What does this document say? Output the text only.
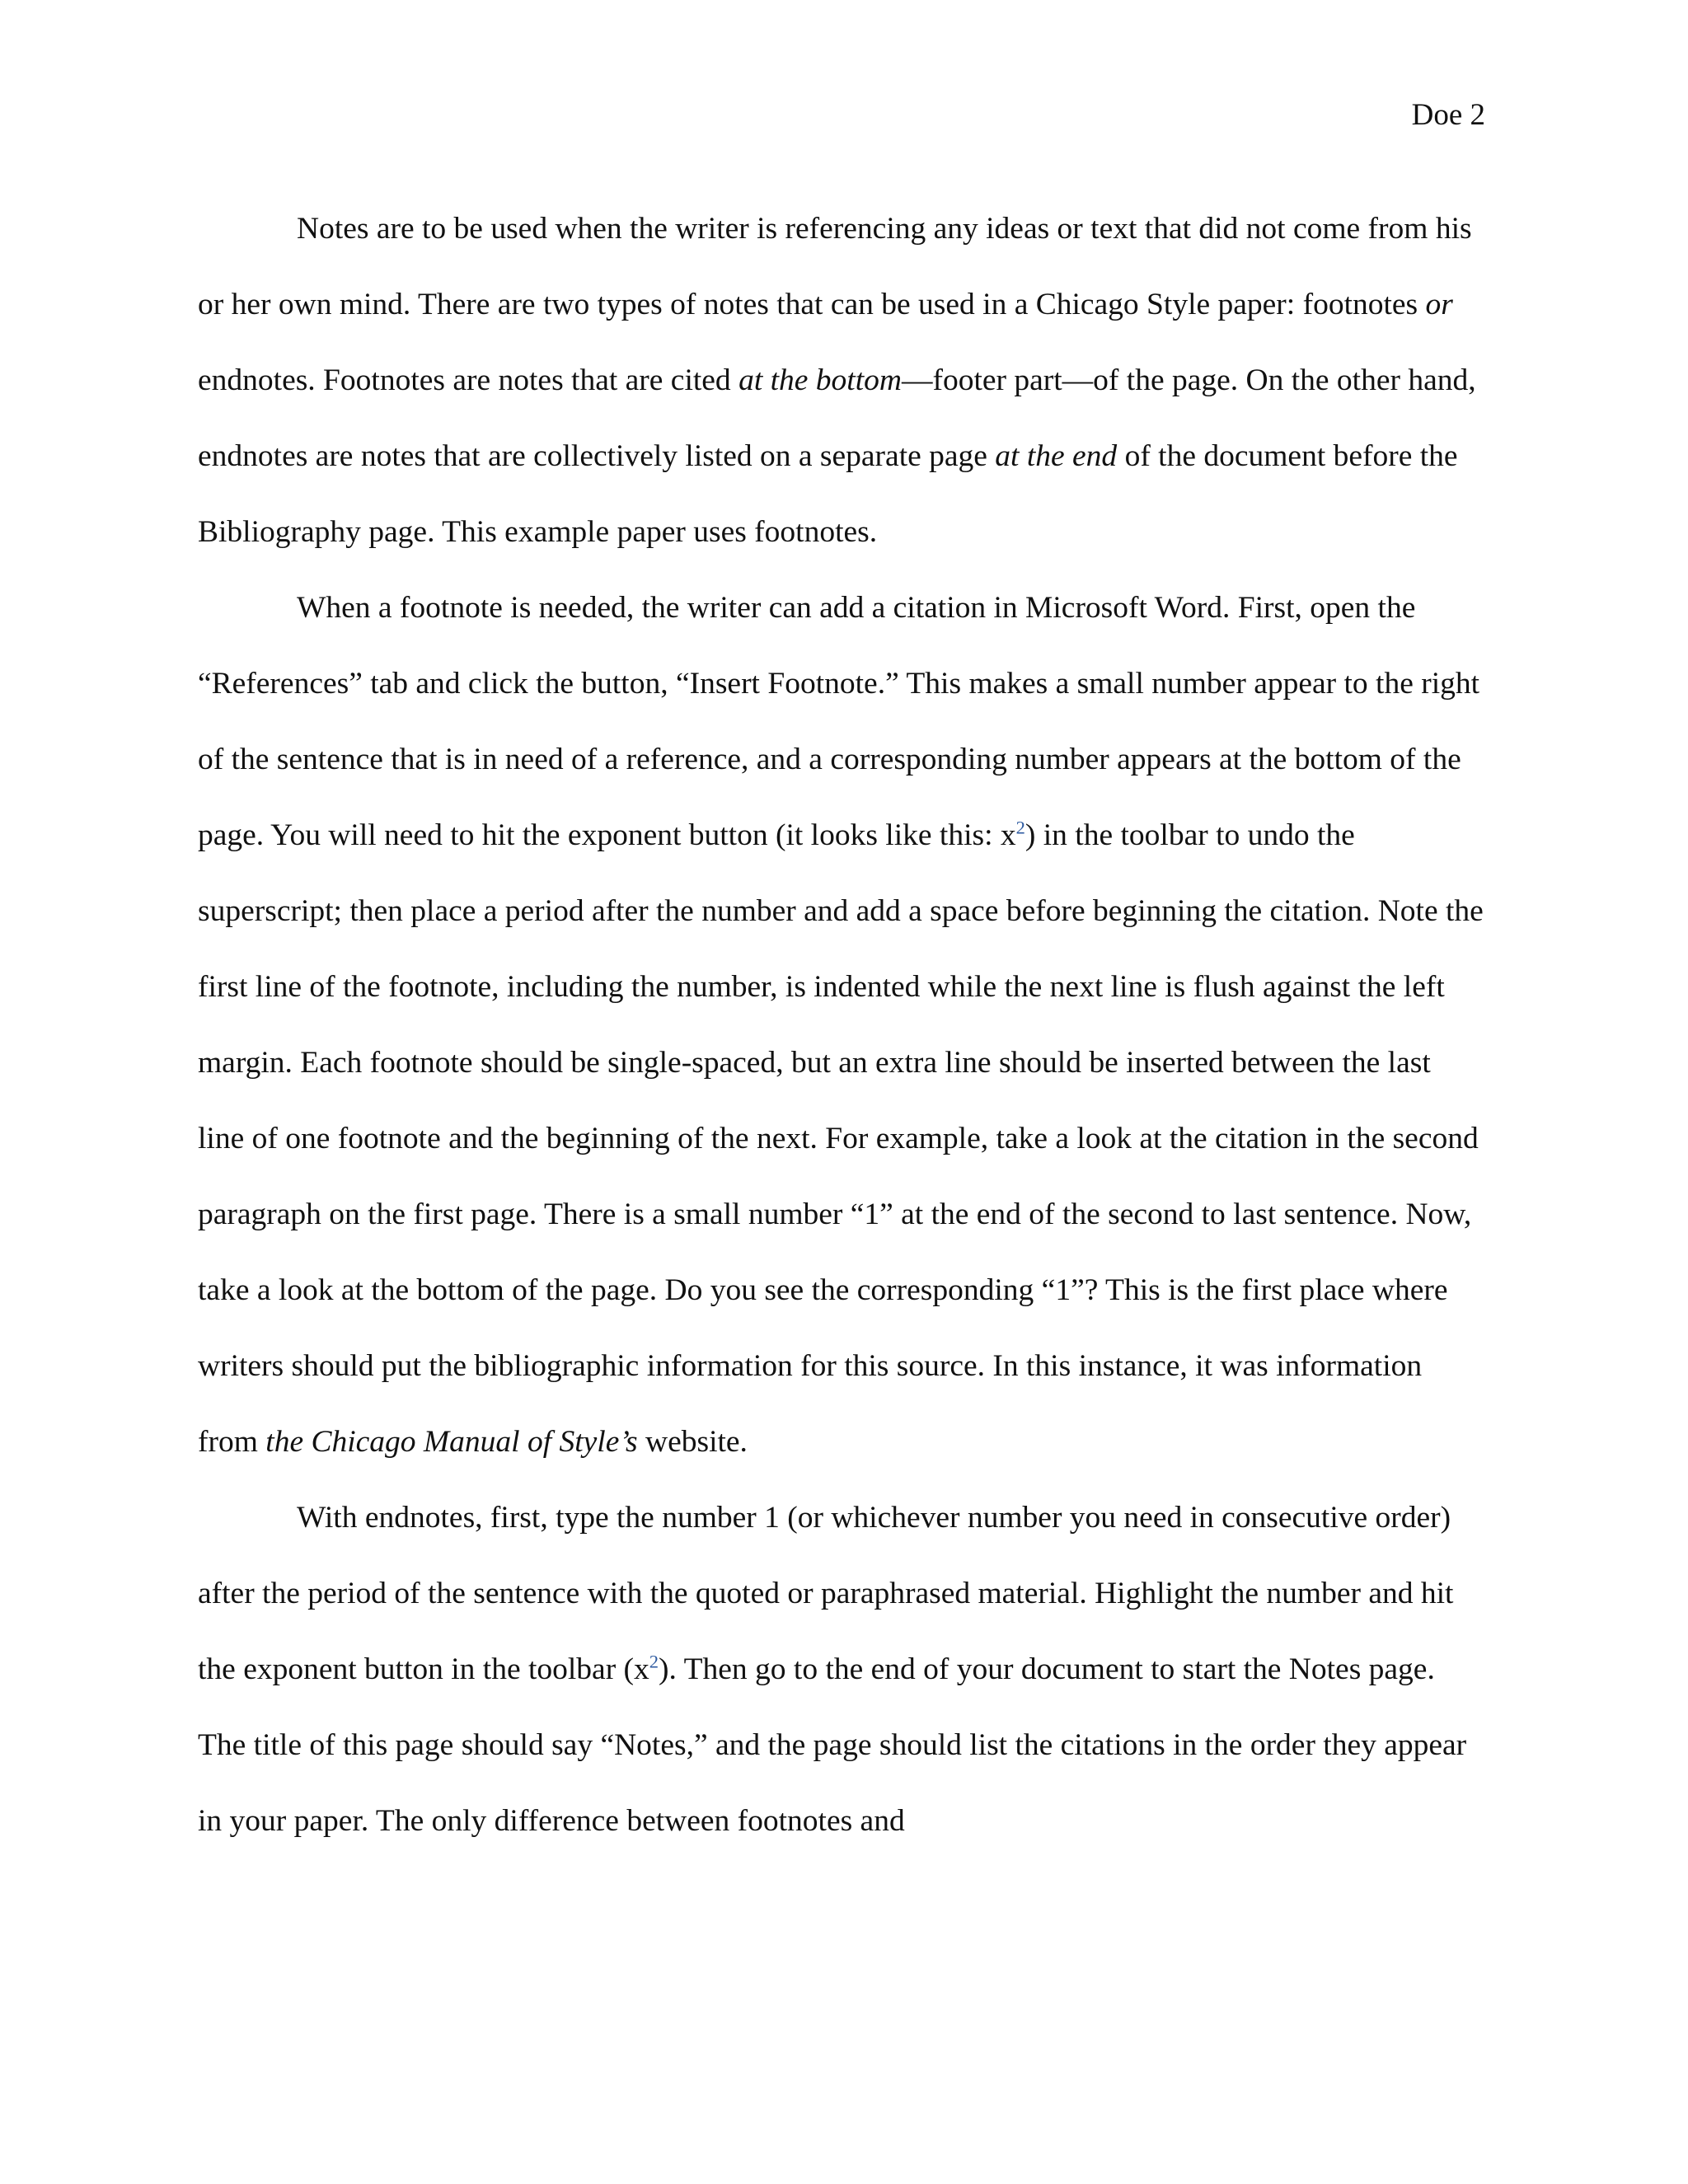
Doe 2

Notes are to be used when the writer is referencing any ideas or text that did not come from his or her own mind. There are two types of notes that can be used in a Chicago Style paper: footnotes or endnotes. Footnotes are notes that are cited at the bottom—footer part—of the page. On the other hand, endnotes are notes that are collectively listed on a separate page at the end of the document before the Bibliography page. This example paper uses footnotes.

When a footnote is needed, the writer can add a citation in Microsoft Word. First, open the “References” tab and click the button, “Insert Footnote.” This makes a small number appear to the right of the sentence that is in need of a reference, and a corresponding number appears at the bottom of the page. You will need to hit the exponent button (it looks like this: $x^2$) in the toolbar to undo the superscript; then place a period after the number and add a space before beginning the citation. Note the first line of the footnote, including the number, is indented while the next line is flush against the left margin. Each footnote should be single-spaced, but an extra line should be inserted between the last line of one footnote and the beginning of the next. For example, take a look at the citation in the second paragraph on the first page. There is a small number “1” at the end of the second to last sentence. Now, take a look at the bottom of the page. Do you see the corresponding “1”? This is the first place where writers should put the bibliographic information for this source. In this instance, it was information from the Chicago Manual of Style’s website.

With endnotes, first, type the number 1 (or whichever number you need in consecutive order) after the period of the sentence with the quoted or paraphrased material. Highlight the number and hit the exponent button in the toolbar $(x^2)$. Then go to the end of your document to start the Notes page. The title of this page should say “Notes,” and the page should list the citations in the order they appear in your paper. The only difference between footnotes and
